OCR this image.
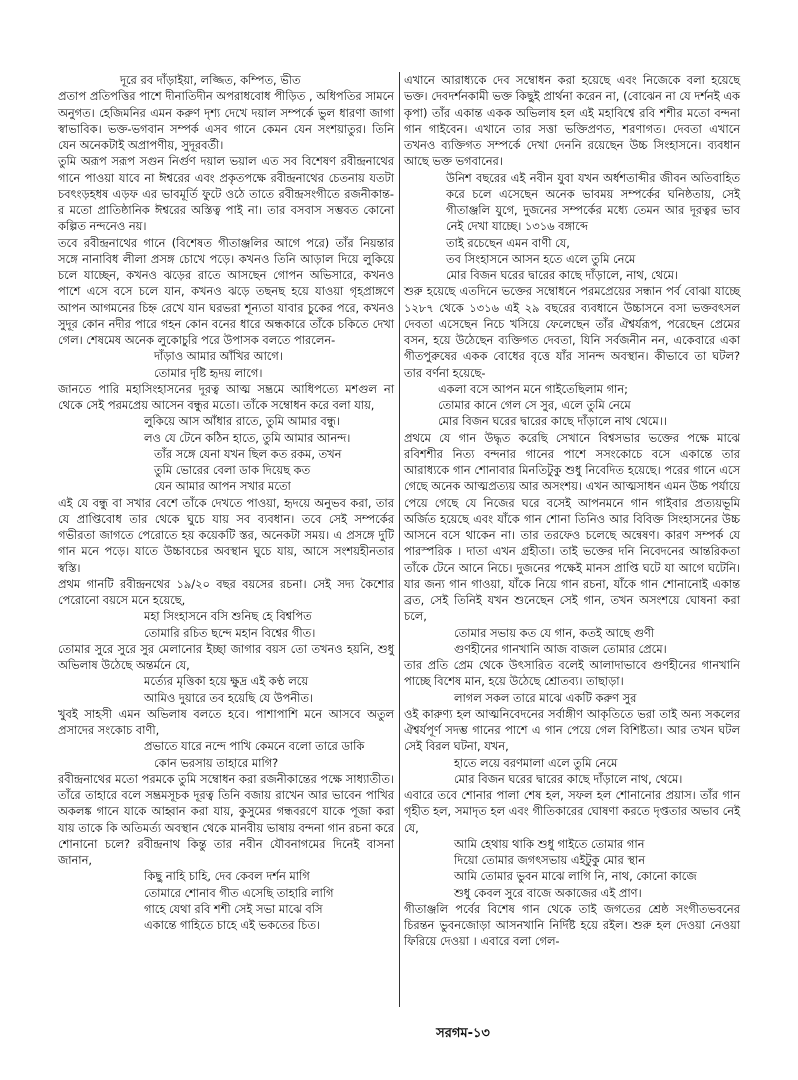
দূরে রব দাঁড়াইয়া, লজ্জিত, কম্পিত, ভীত

প্রতাপ প্রতিপত্তির পাশে দীনাতিদীন অপরাধবোধ পীড়িত , অধিপতির সামনে অনুগত। হেজিমনির এমন করুণ দৃশ্য দেখে দয়াল সম্পর্কে ভুল ধারণা জাগা স্বাভাবিক। ভক্ত-ভগবান সম্পর্ক এসব গানে কেমন যেন সংশয়াতুর। তিনি যেন অনেকটাই অপ্রাপণীয়, সুদূরবর্তী।

তুমি অরূপ সরূপ সগুন নির্গুণ দয়াল ভয়াল এত সব বিশেষণ রবীন্দ্রনাথের গানে পাওয়া যাবে না ঈশ্বরের এবং প্রকৃতপক্ষে রবীন্দ্রনাথের চেতনায় যতটা চবৎংড়হধষ এড়ফ এর ভাবমূর্তি ফুটে ওঠে তাতে রবীন্দ্রসংগীতে রজনীকান্ত-র মতো প্রাতিষ্ঠানিক ঈশ্বরের অস্তিত্ব পাই না। তার বসবাস সম্ভবত কোনো কল্পিত নন্দনেও নয়।

তবে রবীন্দ্রনাথের গানে (বিশেষত গীতাঞ্জলির আগে পরে) তাঁর নিয়ন্তার সঙ্গে নানাবিধ লীলা প্রসঙ্গ চোখে পড়ে। কখনও তিনি আড়াল দিয়ে লুকিয়ে চলে যাচ্ছেন, কখনও ঝড়ের রাতে আসছেন গোপন অভিসারে, কখনও পাশে এসে বসে চলে যান, কখনও ঝড়ে তছনছ হয়ে যাওয়া গৃহপ্রাঙ্গণে আপন আগমনের চিহ্ন রেখে যান ঘরভরা শূন্যতা যাবার চুকের পরে, কখনও সুদূর কোন নদীর পারে গহন কোন বনের ধারে অন্ধকারে তাঁকে চকিতে দেখা গেল। শেষমেষ অনেক লুকোচুরি পরে উপাসক বলতে পারলেন-

দাঁড়াও আমার আঁখির আগে।

তোমার দৃষ্টি হৃদয় লাগে।

জানতে পারি মহাসিংহাসনের দূরত্ব আত্ম সম্ভ্রমে আধিপত্যে মশগুল না থেকে সেই পরমপ্রেয় আসেন বন্ধুর মতো। তাঁকে সম্বোধন করে বলা যায়,

লুকিয়ে আস আঁধার রাতে, তুমি আমার বন্ধু।

লও যে টেনে কঠিন হাতে, তুমি আমার আনন্দ।

তাঁর সঙ্গে যেনা যখন ছিল কত রকম, তখন

তুমি ভোরের বেলা ডাক দিয়েছ কত

যেন আমার আপন সখার মতো

এই যে বন্ধু বা সখার বেশে তাঁকে দেখতে পাওয়া, হৃদয়ে অনুভব করা, তার যে প্রাপ্তিবোধ তার থেকে ঘুচে যায় সব ব্যবধান। তবে সেই সম্পর্কের গভীরতা জাগতে পেরোতে হয় কয়েকটি স্তর, অনেকটা সময়। এ প্রসঙ্গে দুটি গান মনে পড়ে। যাতে উচ্চাবচের অবস্থান ঘুচে যায়, আসে সংশয়হীনতার স্বস্তি।

প্রথম গানটি রবীন্দ্রনথের ১৯/২০ বছর বয়সের রচনা। সেই সদ্য কৈশোর পেরোনো বয়সে মনে হয়েছে,

মহা সিংহাসনে বসি শুনিছ হে বিশ্বপিত

তোমারি রচিত ছন্দে মহান বিশ্বের গীত।

তোমার সুরে সুরে সুর মেলানোর ইচ্ছা জাগার বয়স তো তখনও হয়নি, শুধু অভিলাষ উঠেছে অন্তর্মনে যে,

মর্ত্যের মৃত্তিকা হয়ে ক্ষুদ্র এই কণ্ঠ লয়ে

আমিও দুয়ারে তব হয়েছি যে উপনীত।

খুবই সাহসী এমন অভিলাষ বলতে হবে। পাশাপাশি মনে আসবে অতুল প্রসাদের সংকোচ বাণী,

প্রভাতে যারে নন্দে পাখি কেমনে বলো তারে ডাকি

কোন ভরসায় তাহারে মাগি?

রবীন্দ্রনাথের মতো পরমকে তুমি সম্বোধন করা রজনীকান্তের পক্ষে সাধ্যাতীত। তাঁরে তাহারে বলে সম্ভ্রমসূচক দূরত্ব তিনি বজায় রাখেন আর ভাবেন পাখির অকলঙ্ক গানে যাকে আহ্বান করা যায়, কুসুমের গন্ধবরণে যাকে পূজা করা যায় তাকে কি অতিমর্ত্য অবস্থান থেকে মানবীয় ভাষায় বন্দনা গান রচনা করে শোনানো চলে? রবীন্দ্রনাথ কিন্তু তার নবীন যৌবনাগমের দিনেই বাসনা জানান,

কিছু নাহি চাহি, দেব কেবল দর্শন মাগি

তোমারে শোনাব গীত এসেছি তাহারি লাগি

গাহে যেথা রবি শশী সেই সভা মাঝে বসি

একান্তে গাহিতে চাহে এই ভকতের চিত।

এখানে আরাধ্যকে দেব সম্বোধন করা হয়েছে এবং নিজেকে বলা হয়েছে ভক্ত। দেবদর্শনকামী ভক্ত কিছুই প্রার্থনা করেন না, (বোঝেন না যে দর্শনই এক কৃপা) তাঁর একান্ত একক অভিলাষ হল এই মহাবিশ্বে রবি শশীর মতো বন্দনা গান গাইবেন। এখানে তার সত্তা ভক্তিপ্রণত, শরণাগত। দেবতা এখানে তখনও ব্যক্তিগত সম্পর্কে দেখা দেননি রয়েছেন উচ্চ সিংহাসনে। ব্যবধান আছে ভক্ত ভগবানের।

উনিশ বছরের এই নবীন যুবা যখন অর্ধশতাব্দীর জীবন অতিবাহিত করে চলে এসেছেন অনেক ভাবময় সম্পর্কের ঘনিষ্ঠতায়, সেই গীতাঞ্জলি যুগে, দুজনের সম্পর্কের মধ্যে তেমন আর দূরত্বর ভাব নেই দেখা যাচ্ছে। ১৩১৬ বঙ্গাব্দে

তাই রচেছেন এমন বাণী যে,

তব সিংহাসনে আসন হতে এলে তুমি নেমে

মোর বিজন ঘরের দ্বারের কাছে দাঁড়ালে, নাথ, থেমে।

শুরু হয়েছে এতদিনে ভক্তের সম্বোধনে পরমপ্রেয়ের সন্ধান পর্ব বোঝা যাচ্ছে ১২৮৭ থেকে ১৩১৬ এই ২৯ বছরের ব্যবধানে উচ্চাসনে বসা ভক্তবৎসল দেবতা এসেছেন নিচে খসিয়ে ফেলেছেন তাঁর ঐশ্বর্যরূপ, পরেছেন প্রেমের বসন, হয়ে উঠেছেন ব্যক্তিগত দেবতা, যিনি সর্বজনীন নন, একেবারে একা গীতপুরুষের একক বোধের বৃত্তে যাঁর সানন্দ অবস্থান। কীভাবে তা ঘটল? তার বর্ণনা হয়েছে-

একলা বসে আপন মনে গাইতেছিলাম গান;

তোমার কানে গেল সে সুর, এলে তুমি নেমে

মোর বিজন ঘরের দ্বারের কাছে দাঁড়ালে নাথ থেমে।।

প্রথমে যে গান উদ্ধৃত করেছি সেখানে বিশ্বসভার ভক্তের পক্ষে মাঝে রবিশশীর নিত্য বন্দনার গানের পাশে সসংকোচে বসে একান্তে তার আরাধ্যকে গান শোনাবার মিনতিটুকু শুধু নিবেদিত হয়েছে। পরের গানে এসে গেছে অনেক আত্মপ্রত্যয় আর অসংশয়। এখন আত্মসাধন এমন উচ্চ পর্যায়ে পেয়ে গেছে যে নিজের ঘরে বসেই আপনমনে গান গাইবার প্রত্যয়ভূমি অর্জিত হয়েছে এবং যাঁকে গান শোনা তিনিও আর বিবিক্ত সিংহাসনের উচ্চ আসনে বসে থাকেন না। তার তরফেও চলেছে অন্বেষণ। কারণ সম্পর্ক যে পারস্পরিক । দাতা এখন গ্রহীতা। তাই ভক্তের দনি নিবেদনের আন্তরিকতা তাঁকে টেনে আনে নিচে। দুজনের পক্ষেই মানস প্রাপ্তি ঘটে যা আগে ঘটেনি। যার জন্য গান গাওয়া, যাঁকে নিয়ে গান রচনা, যাঁকে গান শোনানোই একান্ত ব্রত, সেই তিনিই যখন শুনেছেন সেই গান, তখন অসংশয়ে ঘোষনা করা চলে,

তোমার সভায় কত যে গান, কতই আছে গুণী

গুণহীনের গানখানি আজ বাজল তোমার প্রেমে।

তার প্রতি প্রেম থেকে উৎসারিত বলেই আলাদাভাবে গুণহীনের গানখানি পাচ্ছে বিশেষ মান, হয়ে উঠেছে শ্রোতব্য। তাছাড়া।

লাগল সকল তারে মাঝে একটি করুণ সুর

ওই কারুণ্য হল আত্মনিবেদনের সর্বাঙ্গীণ আকৃতিতে ভরা তাই অন্য সকলের ঐশ্বর্যপূর্ণ সদম্ভ গানের পাশে এ গান পেয়ে গেল বিশিষ্টতা। আর তখন ঘটল সেই বিরল ঘটনা, যখন,

হাতে লয়ে বরণমালা এলে তুমি নেমে

মোর বিজন ঘরের দ্বারের কাছে দাঁড়ালে নাথ, থেমে।

এবারে তবে শোনার পালা শেষ হল, সফল হল শোনানোর প্রয়াস। তাঁর গান গৃহীত হল, সমাদৃত হল এবং গীতিকারের ঘোষণা করতে দৃপ্ততার অভাব নেই যে,

আমি হেথায় থাকি শুধু গাইতে তোমার গান

দিয়ো তোমার জগৎসভায় এইটুকু মোর স্থান

আমি তোমার ভুবন মাঝে লাগি নি, নাথ, কোনো কাজে

শুধু কেবল সুরে বাজে অকাজের এই প্রাণ।

গীতাঞ্জলি পর্বের বিশেষ গান থেকে তাই জগতের শ্রেষ্ঠ সংগীতভবনের চিরন্তন ভুবনজোড়া আসনখানি নির্দিষ্ট হয়ে রইল। শুরু হল দেওয়া নেওয়া ফিরিয়ে দেওয়া । এবারে বলা গেল-

সরগম-১৩
